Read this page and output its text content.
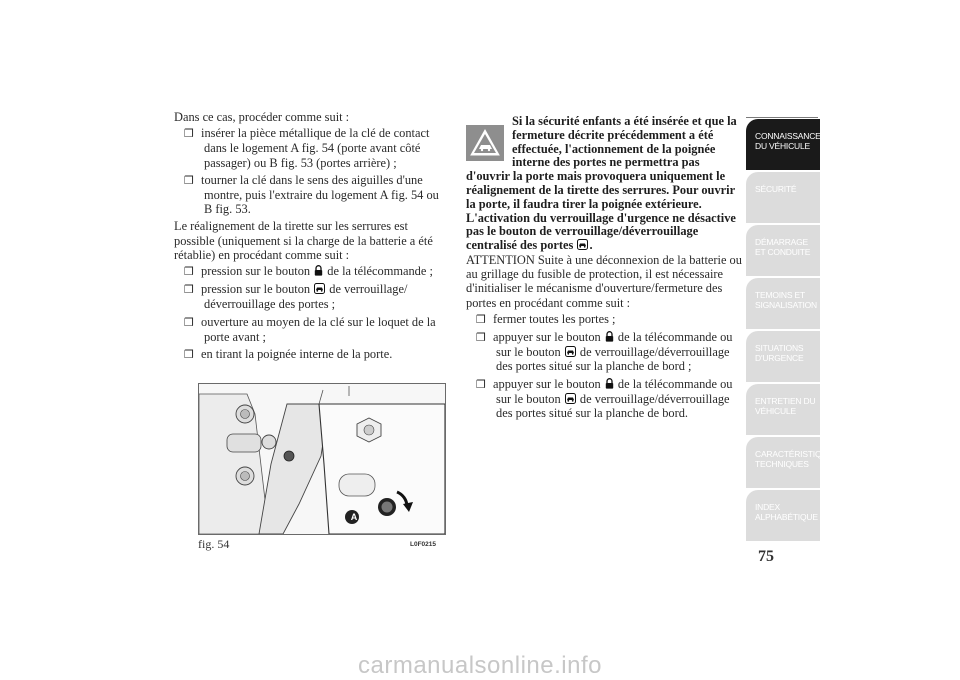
Dans ce cas, procéder comme suit :

❒ insérer la pièce métallique de la clé de contact dans le logement A fig. 54 (porte avant côté passager) ou B fig. 53 (portes arrière) ;
❒ tourner la clé dans le sens des aiguilles d'une montre, puis l'extraire du logement A fig. 54 ou B fig. 53.

Le réalignement de la tirette sur les serrures est possible (uniquement si la charge de la batterie a été rétablie) en procédant comme suit :

❒ pression sur le bouton  de la télécommande ;
❒ pression sur le bouton  de verrouillage/ déverrouillage des portes ;
❒ ouverture au moyen de la clé sur le loquet de la porte avant ;
❒ en tirant la poignée interne de la porte.
A
fig. 54	L0F0215
Si la sécurité enfants a été insérée et que la fermeture décrite précédemment a été effectuée, l'actionnement de la poignée interne des portes ne permettra pas d'ouvrir la porte mais provoquera uniquement le réalignement de la tirette des serrures. Pour ouvrir la porte, il faudra tirer la poignée extérieure. L'activation du verrouillage d'urgence ne désactive pas le bouton de verrouillage/déverrouillage centralisé des portes .

ATTENTION Suite à une déconnexion de la batterie ou au grillage du fusible de protection, il est nécessaire d'initialiser le mécanisme d'ouverture/fermeture des portes en procédant comme suit :

❒ fermer toutes les portes ;
❒ appuyer sur le bouton  de la télécommande ou sur le bouton  de verrouillage/déverrouillage des portes situé sur la planche de bord ;
❒ appuyer sur le bouton  de la télécommande ou sur le bouton  de verrouillage/déverrouillage des portes situé sur la planche de bord.
CONNAISSANCE DU VÉHICULE
SÉCURITÉ
DÉMARRAGE ET CONDUITE
TEMOINS ET SIGNALISATION
SITUATIONS D'URGENCE
ENTRETIEN DU VÉHICULE
CARACTÉRISTIQUES TECHNIQUES
INDEX ALPHABÉTIQUE
75
carmanualsonline.info
